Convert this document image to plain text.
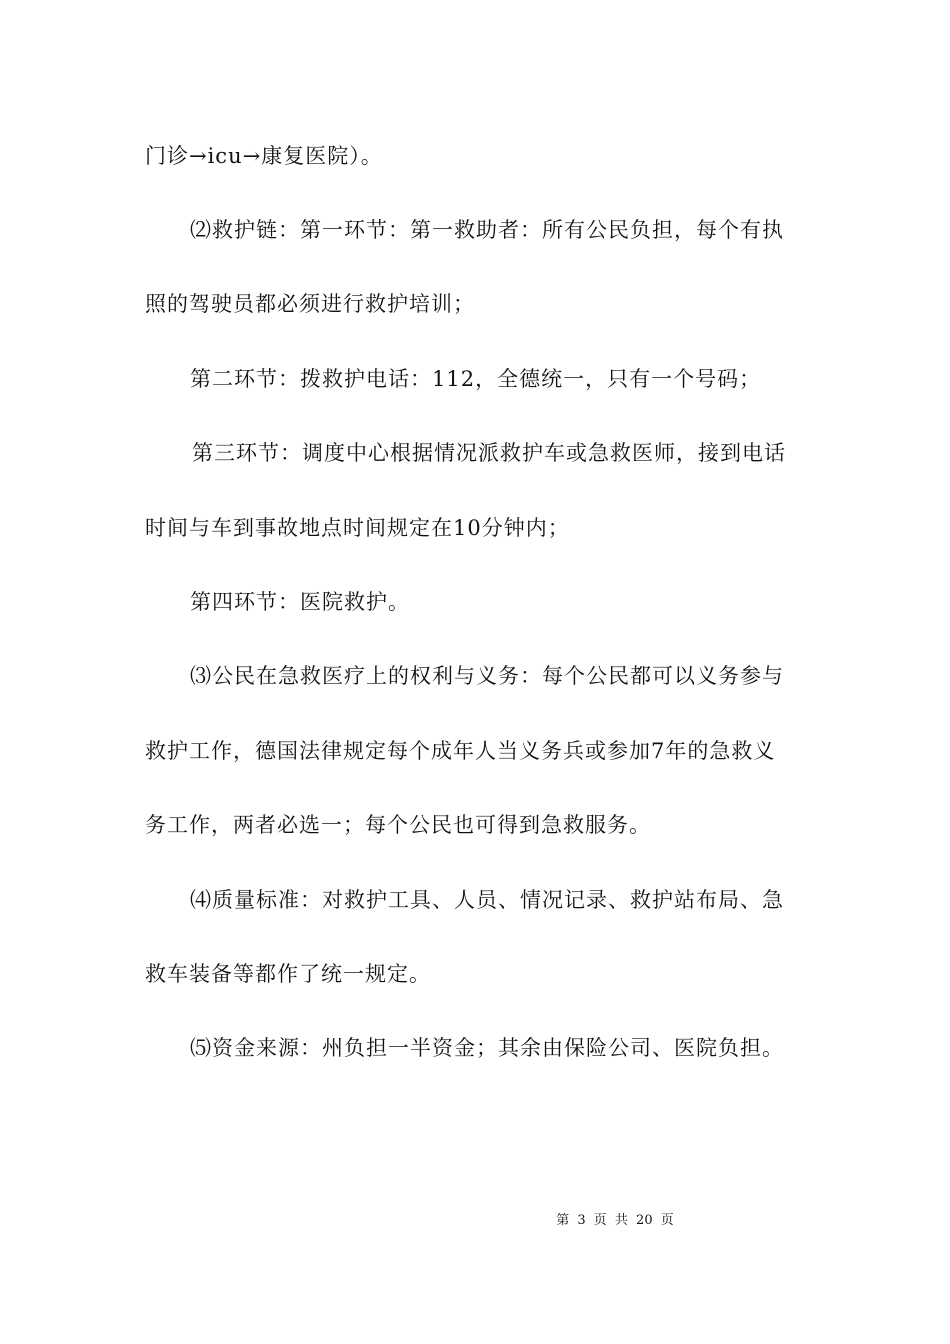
门诊→icu→康复医院）。
⑵救护链：第一环节：第一救助者：所有公民负担，每个有执
照的驾驶员都必须进行救护培训；
第二环节：拨救护电话：112，全德统一，只有一个号码；
第三环节：调度中心根据情况派救护车或急救医师，接到电话
时间与车到事故地点时间规定在10分钟内；
第四环节：医院救护。
⑶公民在急救医疗上的权利与义务：每个公民都可以义务参与
救护工作，德国法律规定每个成年人当义务兵或参加7年的急救义
务工作，两者必选一；每个公民也可得到急救服务。
⑷质量标准：对救护工具、人员、情况记录、救护站布局、急
救车装备等都作了统一规定。
⑸资金来源：州负担一半资金；其余由保险公司、医院负担。
第 3 页 共 20 页
